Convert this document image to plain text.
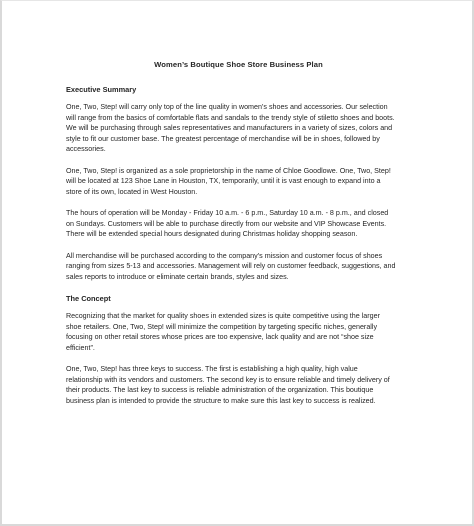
Women’s Boutique Shoe Store Business Plan
Executive Summary

One, Two, Step! will carry only top of the line quality in women’s shoes and accessories. Our selection
will range from the basics of comfortable flats and sandals to the trendy style of stiletto shoes and boots.
We will be purchasing through sales representatives and manufacturers in a variety of sizes, colors and
style to fit our customer base. The greatest percentage of merchandise will be in shoes, followed by
accessories.

One, Two, Step! is organized as a sole proprietorship in the name of Chloe Goodlowe. One, Two, Step!
will be located at 123 Shoe Lane in Houston, TX, temporarily, until it is vast enough to expand into a
store of its own, located in West Houston.

The hours of operation will be Monday - Friday 10 a.m. - 6 p.m., Saturday 10 a.m. - 8 p.m., and closed
on Sundays. Customers will be able to purchase directly from our website and VIP Showcase Events.
There will be extended special hours designated during Christmas holiday shopping season.

All merchandise will be purchased according to the company’s mission and customer focus of shoes
ranging from sizes 5-13 and accessories. Management will rely on customer feedback, suggestions, and
sales reports to introduce or eliminate certain brands, styles and sizes.

The Concept

Recognizing that the market for quality shoes in extended sizes is quite competitive using the larger
shoe retailers. One, Two, Step! will minimize the competition by targeting specific niches, generally
focusing on other retail stores whose prices are too expensive, lack quality and are not “shoe size
efficient”.

One, Two, Step! has three keys to success. The first is establishing a high quality, high value
relationship with its vendors and customers. The second key is to ensure reliable and timely delivery of
their products. The last key to success is reliable administration of the organization. This boutique
business plan is intended to provide the structure to make sure this last key to success is realized.
